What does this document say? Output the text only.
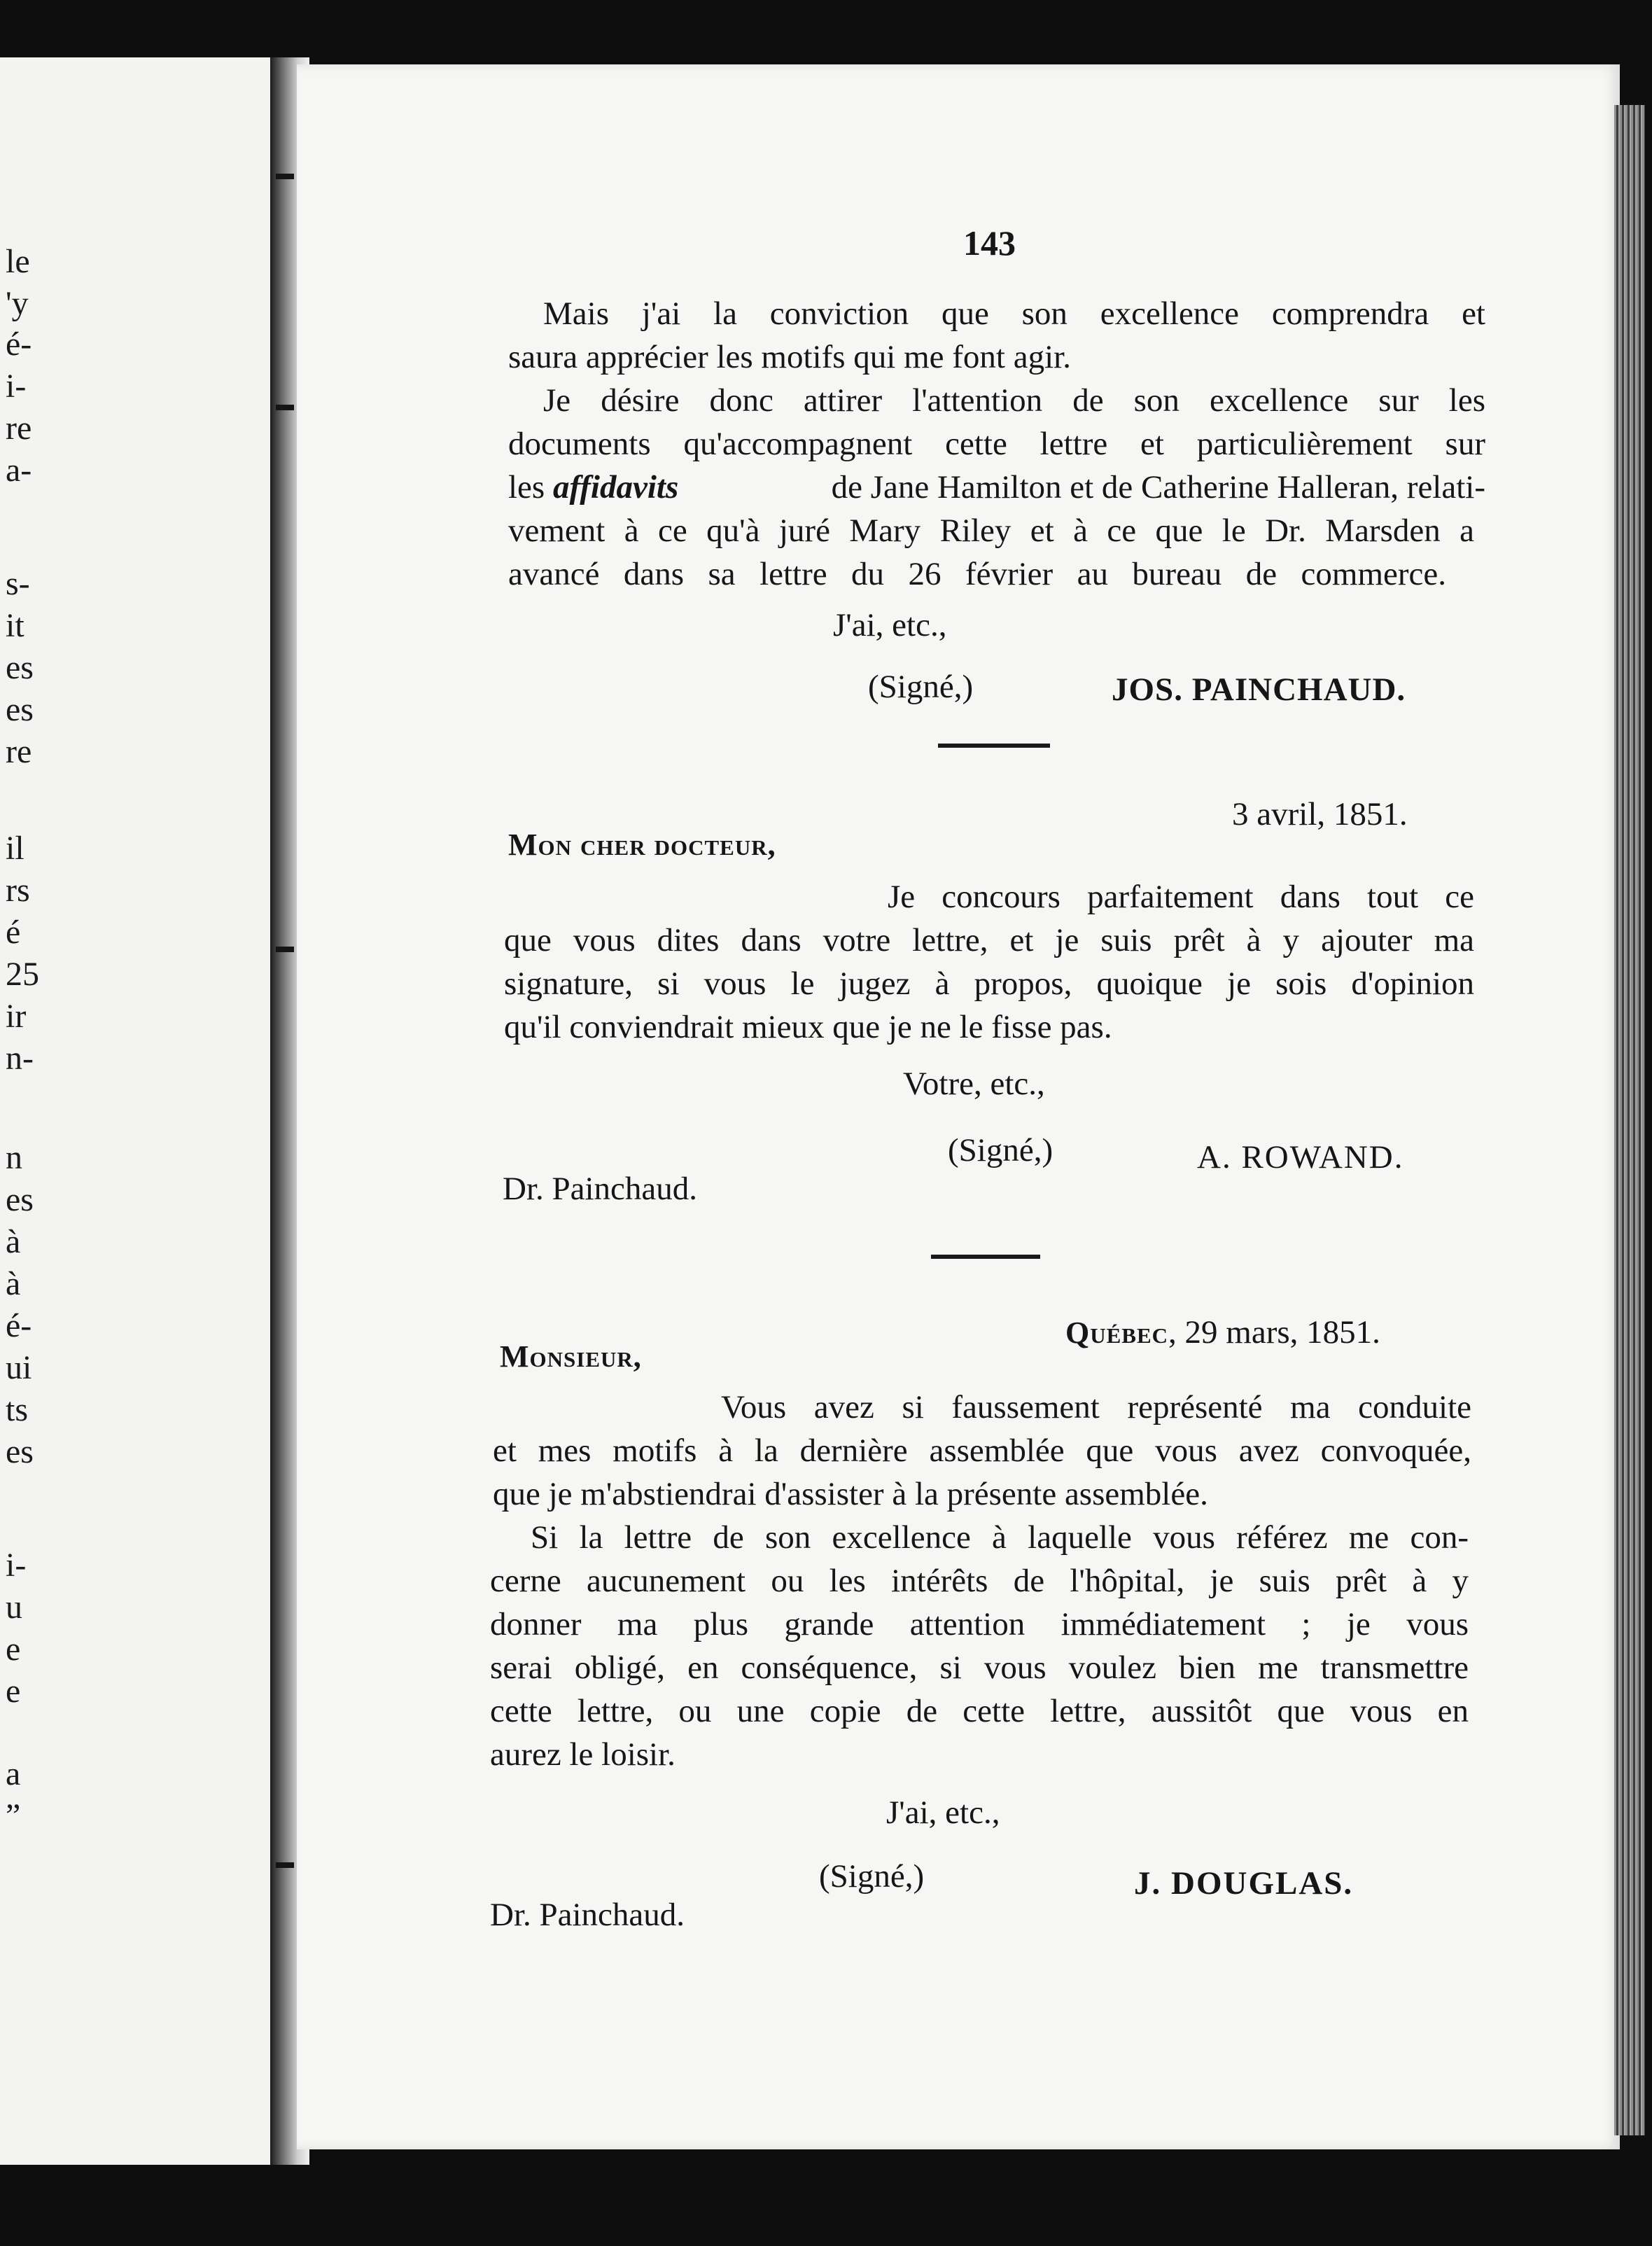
le
'y
é-
i-
re
a-
s-
it
es
es
re
il
rs
é
25
ir
n-
n
es
à
à
é-
ui
ts
es
i-
u
e
e
a
”
143
Mais j'ai la conviction que son excellence comprendra et
saura apprécier les motifs qui me font agir.
Je désire donc attirer l'attention de son excellence sur les
documents qu'accompagnent cette lettre et particulièrement sur
les affidavits	de Jane Hamilton et de Catherine Halleran, relati-
vement à ce qu'à juré Mary Riley et à ce que le Dr. Marsden a
avancé dans sa lettre du 26 février au bureau de commerce.
J'ai, etc.,
(Signé,)	JOS. PAINCHAUD.
3 avril, 1851.
Mon cher docteur,
Je concours parfaitement dans tout ce
que vous dites dans votre lettre, et je suis prêt à y ajouter ma
signature, si vous le jugez à propos, quoique je sois d'opinion
qu'il conviendrait mieux que je ne le fisse pas.
Votre, etc.,
(Signé,)	A. ROWAND.
Dr. Painchaud.
Québec, 29 mars, 1851.
Monsieur,
Vous avez si faussement représenté ma conduite
et mes motifs à la dernière assemblée que vous avez convoquée,
que je m'abstiendrai d'assister à la présente assemblée.
Si la lettre de son excellence à laquelle vous référez me con-
cerne aucunement ou les intérêts de l'hôpital, je suis prêt à y
donner ma plus grande attention immédiatement ; je vous
serai obligé, en conséquence, si vous voulez bien me transmettre
cette lettre, ou une copie de cette lettre, aussitôt que vous en
aurez le loisir.
J'ai, etc.,
(Signé,)	J. DOUGLAS.
Dr. Painchaud.
